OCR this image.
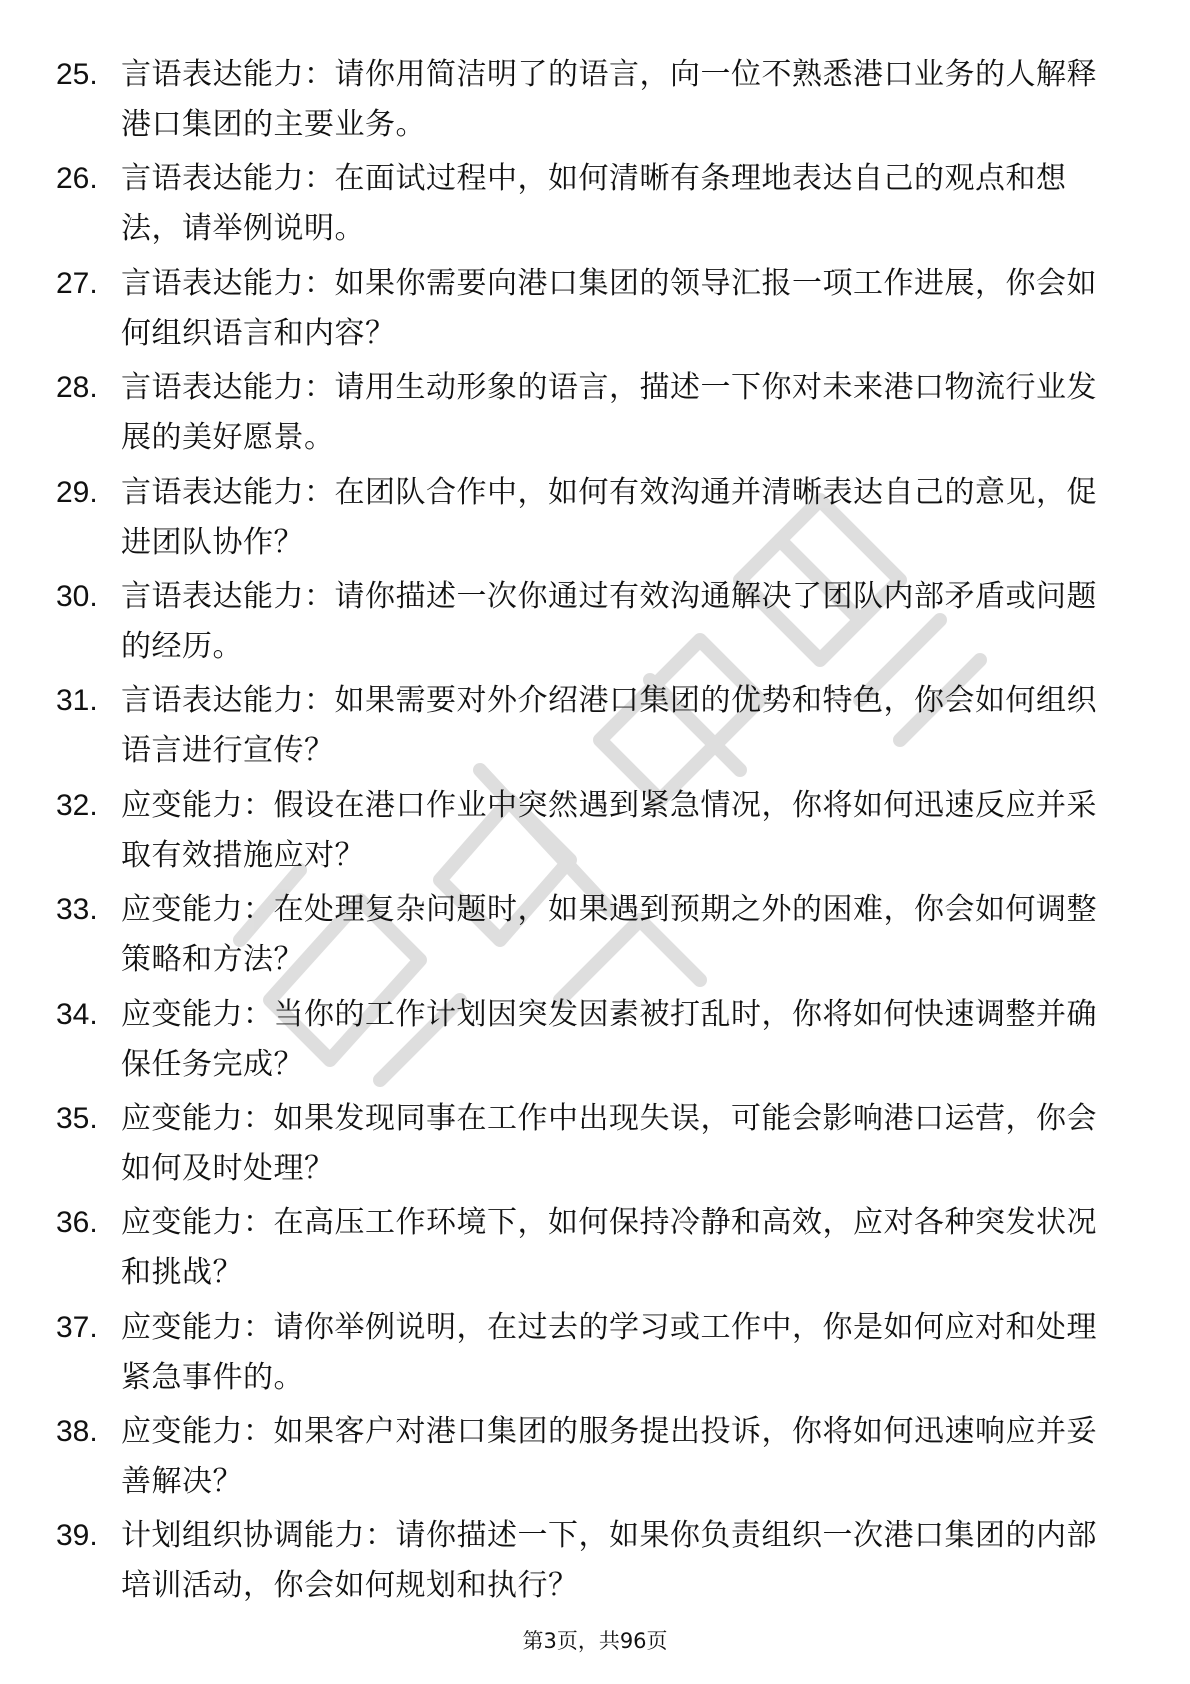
25. 言语表达能力：请你用简洁明了的语言，向一位不熟悉港口业务的人解释港口集团的主要业务。
26. 言语表达能力：在面试过程中，如何清晰有条理地表达自己的观点和想法，请举例说明。
27. 言语表达能力：如果你需要向港口集团的领导汇报一项工作进展，你会如何组织语言和内容？
28. 言语表达能力：请用生动形象的语言，描述一下你对未来港口物流行业发展的美好愿景。
29. 言语表达能力：在团队合作中，如何有效沟通并清晰表达自己的意见，促进团队协作？
30. 言语表达能力：请你描述一次你通过有效沟通解决了团队内部矛盾或问题的经历。
31. 言语表达能力：如果需要对外介绍港口集团的优势和特色，你会如何组织语言进行宣传？
32. 应变能力：假设在港口作业中突然遇到紧急情况，你将如何迅速反应并采取有效措施应对？
33. 应变能力：在处理复杂问题时，如果遇到预期之外的困难，你会如何调整策略和方法？
34. 应变能力：当你的工作计划因突发因素被打乱时，你将如何快速调整并确保任务完成？
35. 应变能力：如果发现同事在工作中出现失误，可能会影响港口运营，你会如何及时处理？
36. 应变能力：在高压工作环境下，如何保持冷静和高效，应对各种突发状况和挑战？
37. 应变能力：请你举例说明，在过去的学习或工作中，你是如何应对和处理紧急事件的。
38. 应变能力：如果客户对港口集团的服务提出投诉，你将如何迅速响应并妥善解决？
39. 计划组织协调能力：请你描述一下，如果你负责组织一次港口集团的内部培训活动，你会如何规划和执行？
第3页，共96页
